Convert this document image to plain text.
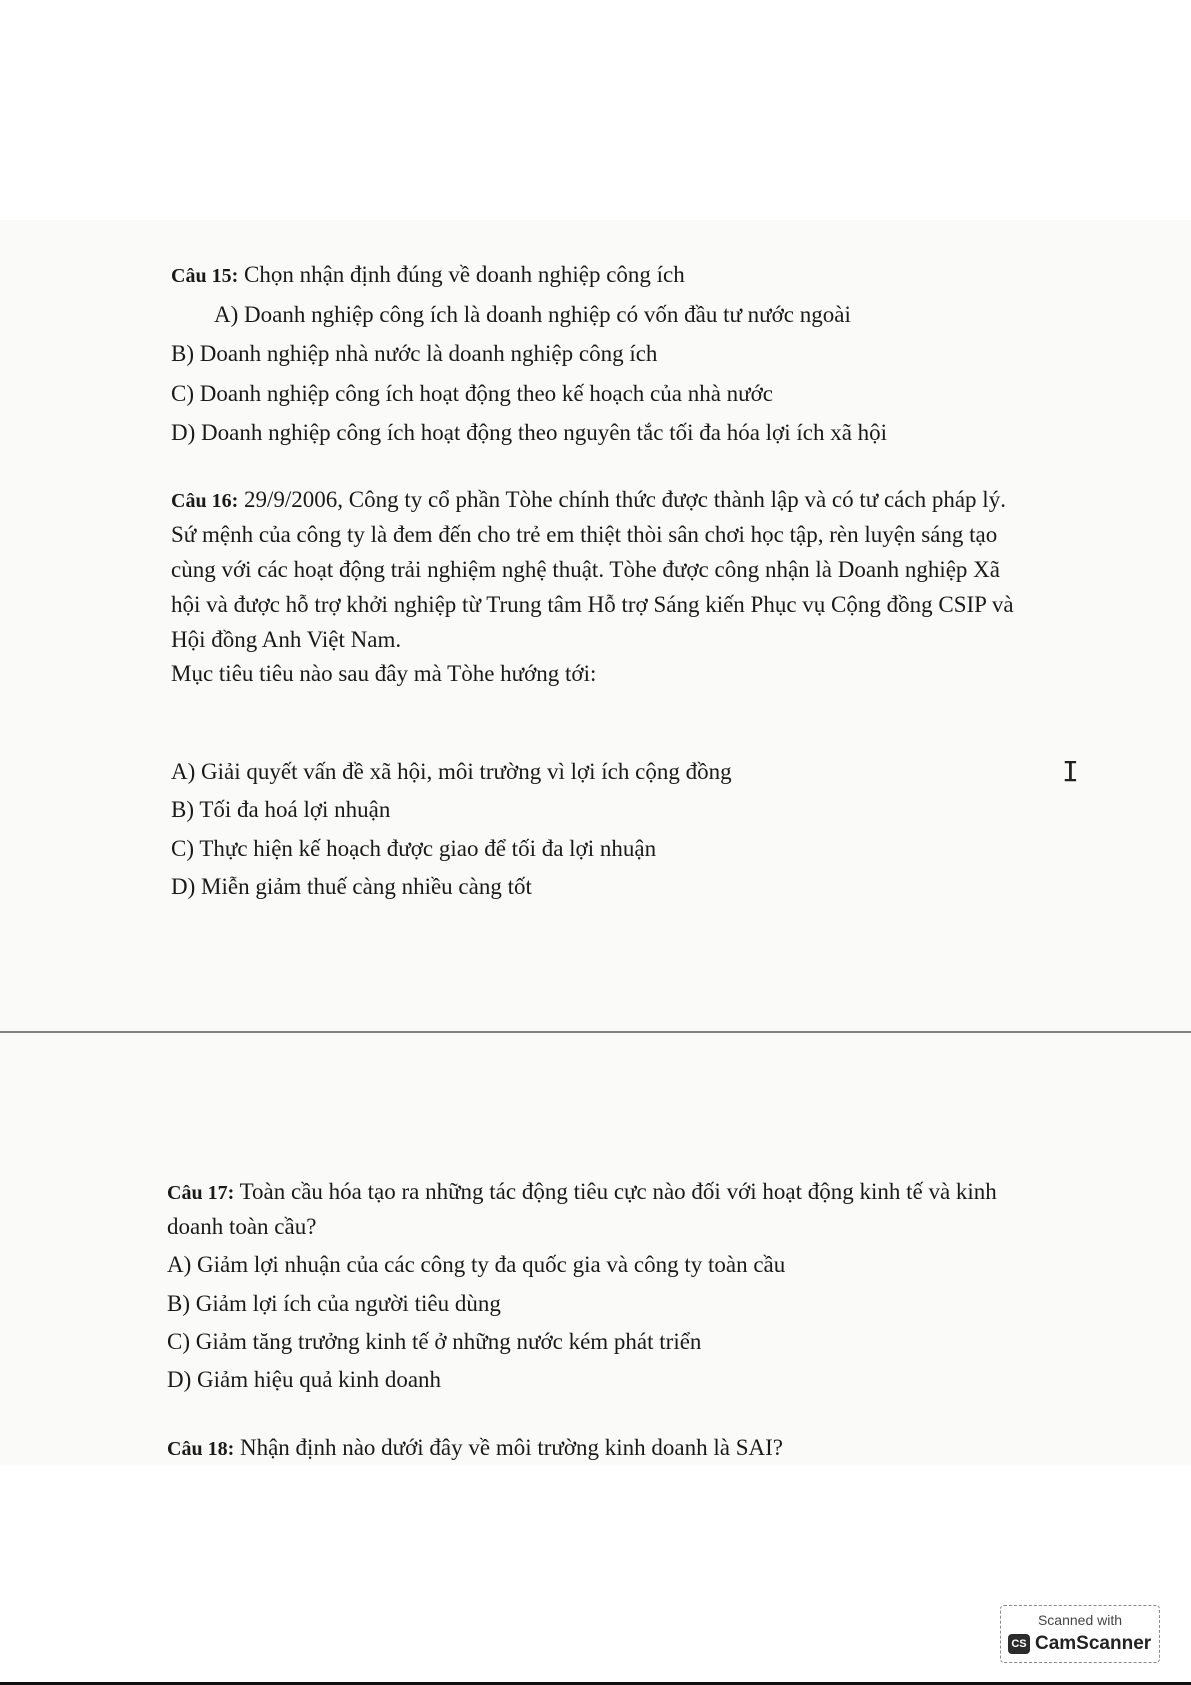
Câu 15: Chọn nhận định đúng về doanh nghiệp công ích
A) Doanh nghiệp công ích là doanh nghiệp có vốn đầu tư nước ngoài
B) Doanh nghiệp nhà nước là doanh nghiệp công ích
C) Doanh nghiệp công ích hoạt động theo kế hoạch của nhà nước
D) Doanh nghiệp công ích hoạt động theo nguyên tắc tối đa hóa lợi ích xã hội
Câu 16: 29/9/2006, Công ty cổ phần Tòhe chính thức được thành lập và có tư cách pháp lý.
Sứ mệnh của công ty là đem đến cho trẻ em thiệt thòi sân chơi học tập, rèn luyện sáng tạo
cùng với các hoạt động trải nghiệm nghệ thuật. Tòhe được công nhận là Doanh nghiệp Xã
hội và được hỗ trợ khởi nghiệp từ Trung tâm Hỗ trợ Sáng kiến Phục vụ Cộng đồng CSIP và
Hội đồng Anh Việt Nam.
Mục tiêu tiêu nào sau đây mà Tòhe hướng tới:
A) Giải quyết vấn đề xã hội, môi trường vì lợi ích cộng đồng	I
B) Tối đa hoá lợi nhuận
C) Thực hiện kế hoạch được giao để tối đa lợi nhuận
D) Miễn giảm thuế càng nhiều càng tốt
Câu 17: Toàn cầu hóa tạo ra những tác động tiêu cực nào đối với hoạt động kinh tế và kinh
doanh toàn cầu?
A) Giảm lợi nhuận của các công ty đa quốc gia và công ty toàn cầu
B) Giảm lợi ích của người tiêu dùng
C) Giảm tăng trưởng kinh tế ở những nước kém phát triển
D) Giảm hiệu quả kinh doanh
Câu 18: Nhận định nào dưới đây về môi trường kinh doanh là SAI?
Scanned with
CS CamScanner
